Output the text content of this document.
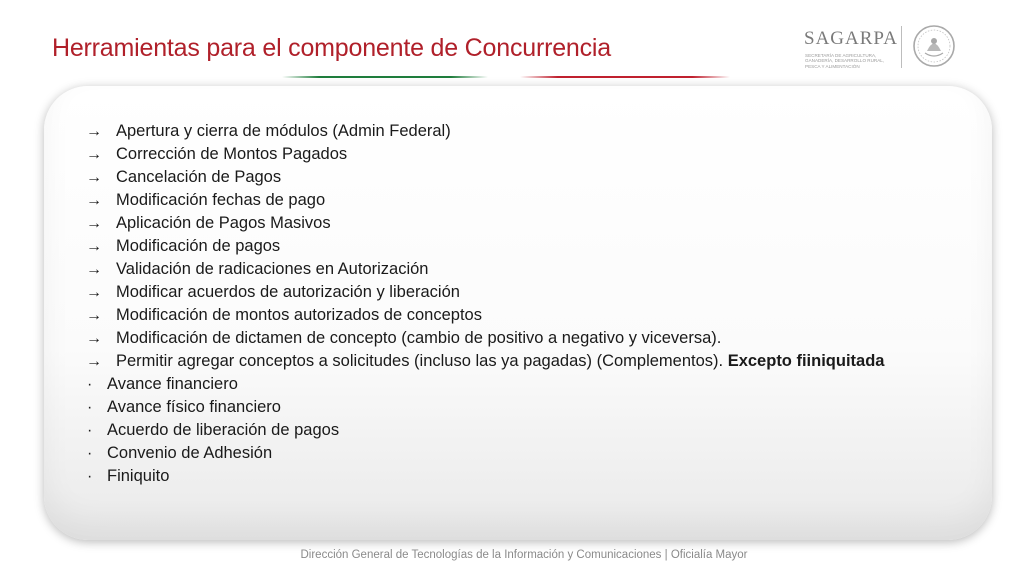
Herramientas para el componente de Concurrencia	SAGARPA
SECRETARÍA DE AGRICULTURA, GANADERÍA, DESARROLLO RURAL, PESCA Y ALIMENTACIÓN
→ Apertura y cierra de módulos (Admin Federal)
→ Corrección de Montos Pagados
→ Cancelación de Pagos
→ Modificación fechas de pago
→ Aplicación de Pagos Masivos
→ Modificación de pagos
→ Validación de radicaciones en Autorización
→ Modificar acuerdos de autorización y liberación
→ Modificación de montos autorizados de conceptos
→ Modificación de dictamen de concepto (cambio de positivo a negativo y viceversa).
→ Permitir agregar conceptos a solicitudes (incluso las ya pagadas) (Complementos).
Excepto fiiniquitada
· Avance financiero
· Avance físico financiero
· Acuerdo de liberación de pagos
· Convenio de Adhesión
· Finiquito
Dirección General de Tecnologías de la Información y Comunicaciones | Oficialía Mayor
